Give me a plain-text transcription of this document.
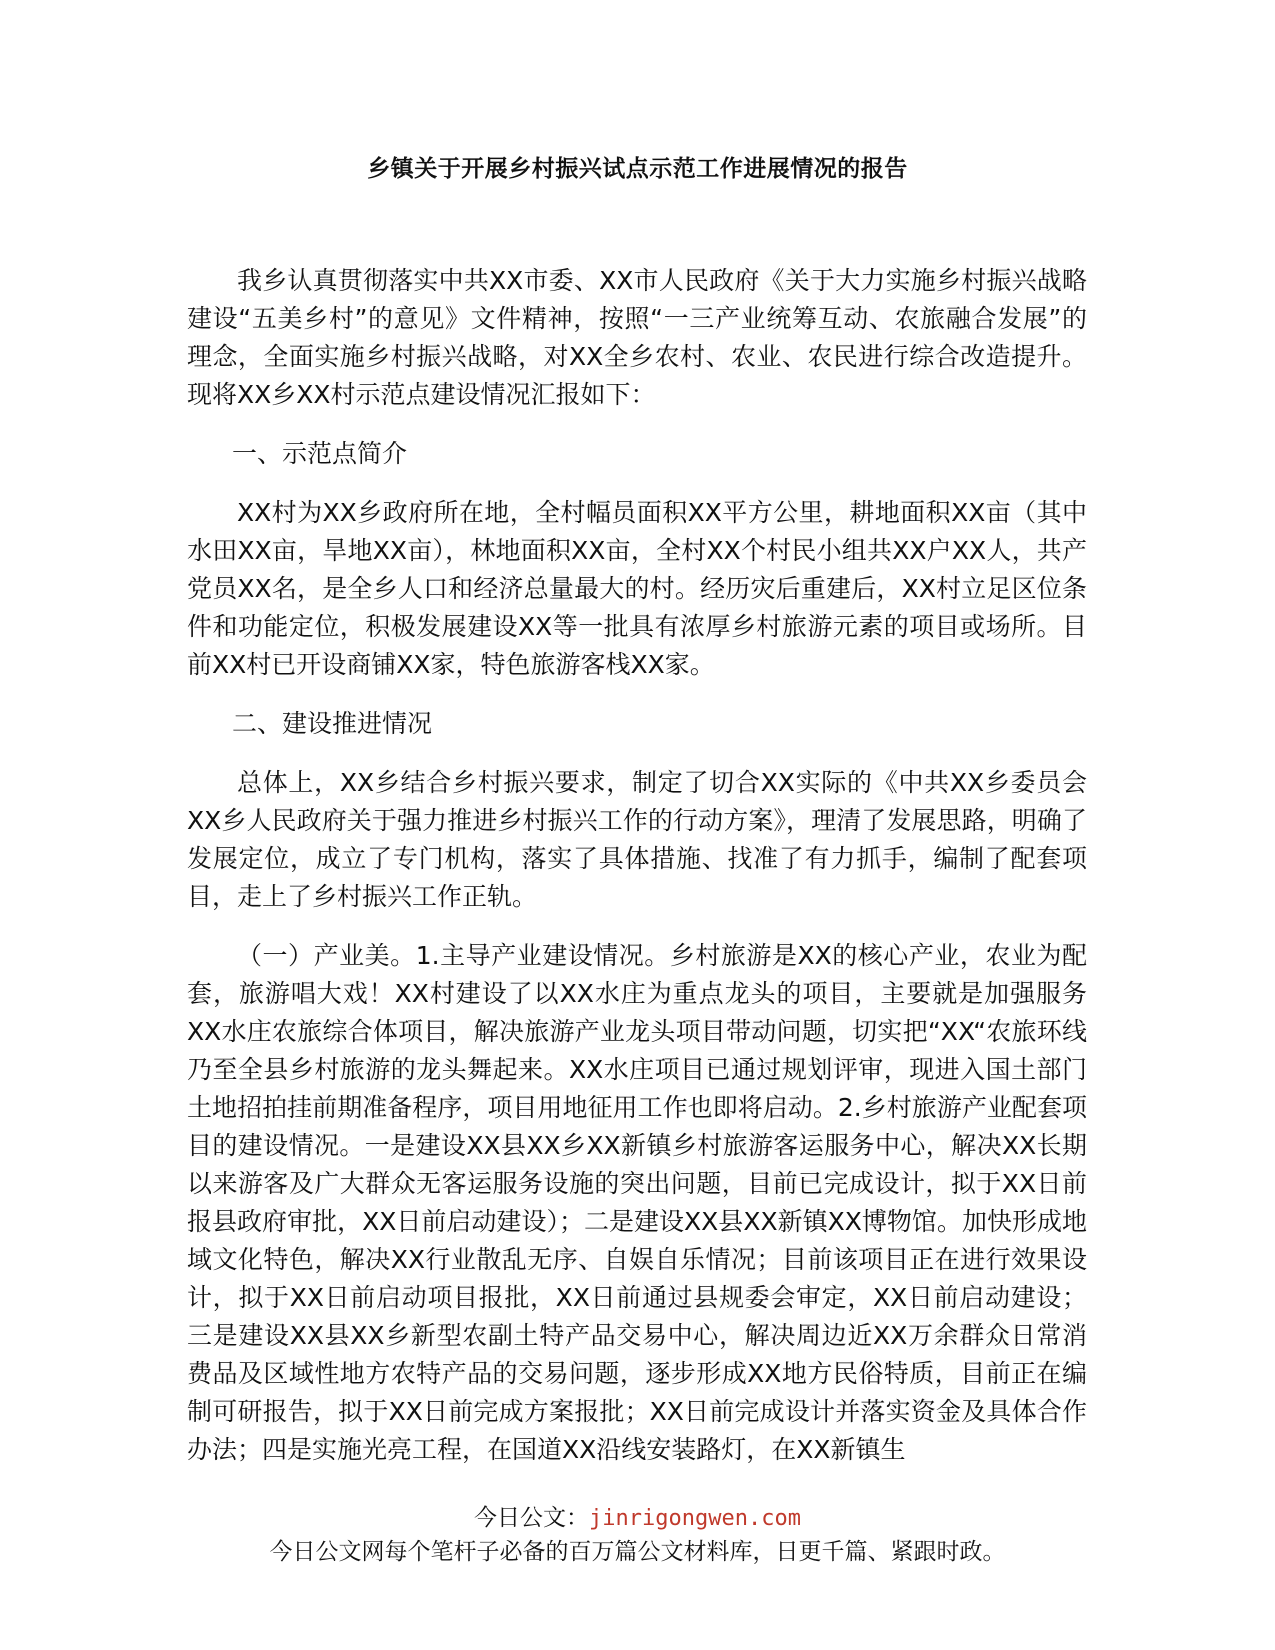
乡镇关于开展乡村振兴试点示范工作进展情况的报告

我乡认真贯彻落实中共XX市委、XX市人民政府《关于大力实施乡村振兴战略建设“五美乡村”的意见》文件精神，按照“一三产业统筹互动、农旅融合发展”的理念，全面实施乡村振兴战略，对XX全乡农村、农业、农民进行综合改造提升。现将XX乡XX村示范点建设情况汇报如下：

一、示范点简介

XX村为XX乡政府所在地，全村幅员面积XX平方公里，耕地面积XX亩（其中水田XX亩，旱地XX亩），林地面积XX亩，全村XX个村民小组共XX户XX人，共产党员XX名，是全乡人口和经济总量最大的村。经历灾后重建后，XX村立足区位条件和功能定位，积极发展建设XX等一批具有浓厚乡村旅游元素的项目或场所。目前XX村已开设商铺XX家，特色旅游客栈XX家。

二、建设推进情况

总体上，XX乡结合乡村振兴要求，制定了切合XX实际的《中共XX乡委员会XX乡人民政府关于强力推进乡村振兴工作的行动方案》，理清了发展思路，明确了发展定位，成立了专门机构，落实了具体措施、找准了有力抓手，编制了配套项目，走上了乡村振兴工作正轨。

（一）产业美。1.主导产业建设情况。乡村旅游是XX的核心产业，农业为配套，旅游唱大戏！XX村建设了以XX水庄为重点龙头的项目，主要就是加强服务XX水庄农旅综合体项目，解决旅游产业龙头项目带动问题，切实把“XX“农旅环线乃至全县乡村旅游的龙头舞起来。XX水庄项目已通过规划评审，现进入国土部门土地招拍挂前期准备程序，项目用地征用工作也即将启动。2.乡村旅游产业配套项目的建设情况。一是建设XX县XX乡XX新镇乡村旅游客运服务中心，解决XX长期以来游客及广大群众无客运服务设施的突出问题，目前已完成设计，拟于XX日前报县政府审批，XX日前启动建设）；二是建设XX县XX新镇XX博物馆。加快形成地域文化特色，解决XX行业散乱无序、自娱自乐情况；目前该项目正在进行效果设计，拟于XX日前启动项目报批，XX日前通过县规委会审定，XX日前启动建设；三是建设XX县XX乡新型农副土特产品交易中心，解决周边近XX万余群众日常消费品及区域性地方农特产品的交易问题，逐步形成XX地方民俗特质，目前正在编制可研报告，拟于XX日前完成方案报批；XX日前完成设计并落实资金及具体合作办法；四是实施光亮工程，在国道XX沿线安装路灯，在XX新镇生

今日公文：jinrigongwen.com
今日公文网每个笔杆子必备的百万篇公文材料库，日更千篇、紧跟时政。
